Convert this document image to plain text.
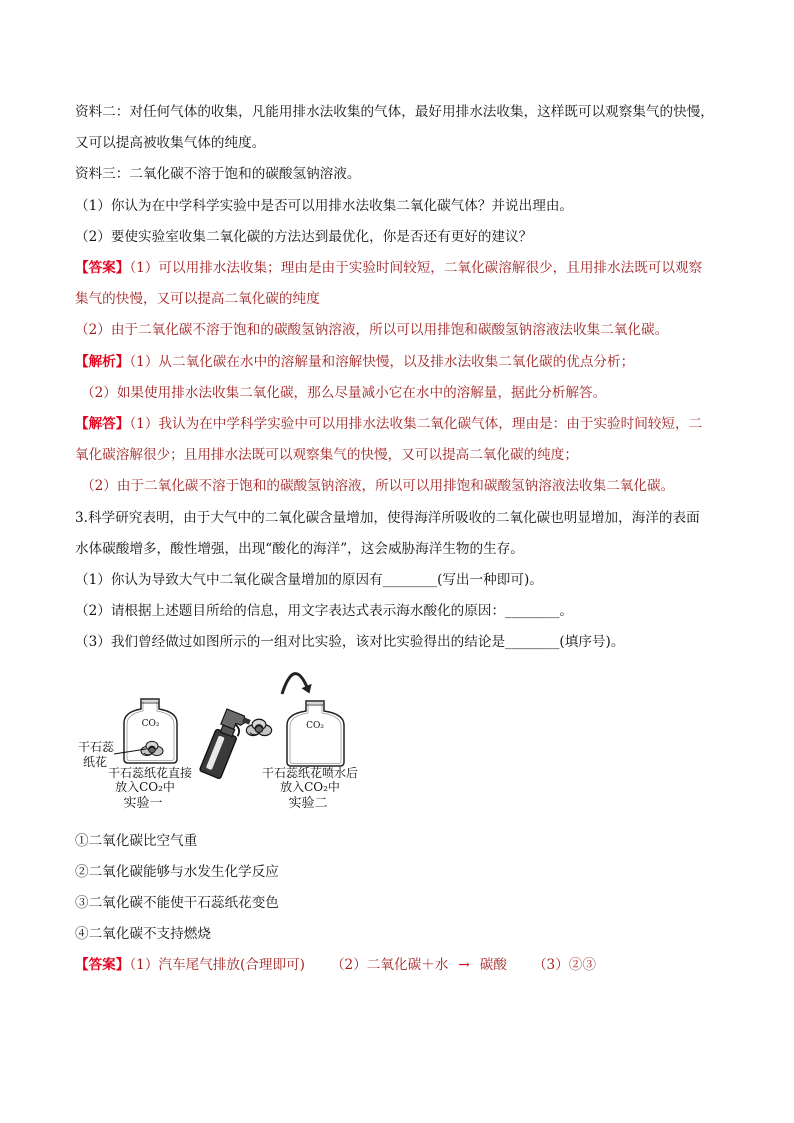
资料二：对任何气体的收集，凡能用排水法收集的气体，最好用排水法收集，这样既可以观察集气的快慢，
又可以提高被收集气体的纯度。
资料三：二氧化碳不溶于饱和的碳酸氢钠溶液。
（1）你认为在中学科学实验中是否可以用排水法收集二氧化碳气体？并说出理由。
（2）要使实验室收集二氧化碳的方法达到最优化，你是否还有更好的建议？
【答案】（1）可以用排水法收集；理由是由于实验时间较短，二氧化碳溶解很少，且用排水法既可以观察
集气的快慢，又可以提高二氧化碳的纯度
（2）由于二氧化碳不溶于饱和的碳酸氢钠溶液，所以可以用排饱和碳酸氢钠溶液法收集二氧化碳。
【解析】（1）从二氧化碳在水中的溶解量和溶解快慢，以及排水法收集二氧化碳的优点分析；
（2）如果使用排水法收集二氧化碳，那么尽量减小它在水中的溶解量，据此分析解答。
【解答】（1）我认为在中学科学实验中可以用排水法收集二氧化碳气体，理由是：由于实验时间较短，二
氧化碳溶解很少；且用排水法既可以观察集气的快慢，又可以提高二氧化碳的纯度；
（2）由于二氧化碳不溶于饱和的碳酸氢钠溶液，所以可以用排饱和碳酸氢钠溶液法收集二氧化碳。
3.科学研究表明，由于大气中的二氧化碳含量增加，使得海洋所吸收的二氧化碳也明显增加，海洋的表面
水体碳酸增多，酸性增强，出现“酸化的海洋”，这会威胁海洋生物的生存。
（1）你认为导致大气中二氧化碳含量增加的原因有________(写出一种即可)。
（2）请根据上述题目所给的信息，用文字表达式表示海水酸化的原因：________。
（3）我们曾经做过如图所示的一组对比实验，该对比实验得出的结论是________(填序号)。
CO₂
干石蕊
纸花
干石蕊纸花直接
放入CO₂中
实验一
CO₂
干石蕊纸花喷水后
放入CO₂中
实验二
①二氧化碳比空气重
②二氧化碳能够与水发生化学反应
③二氧化碳不能使干石蕊纸花变色
④二氧化碳不支持燃烧
【答案】（1）汽车尾气排放(合理即可) （2）二氧化碳＋水 → 碳酸 （3）②③
